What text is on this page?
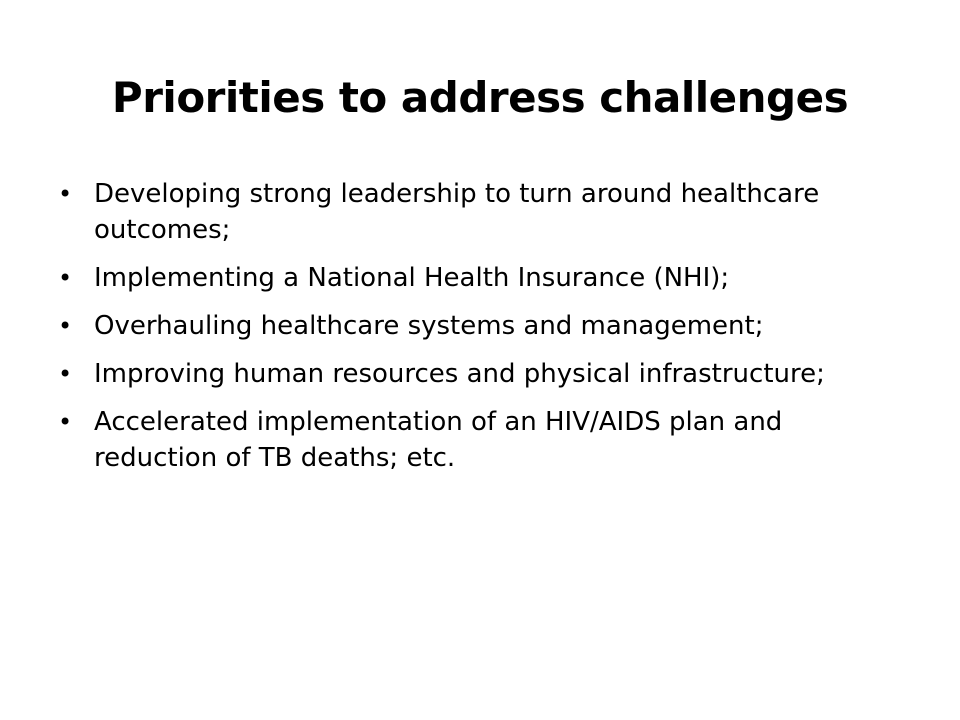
Priorities to address challenges
• Developing strong leadership to turn around healthcare outcomes;
• Implementing a National Health Insurance (NHI);
• Overhauling healthcare systems and management;
• Improving human resources and physical infrastructure;
• Accelerated implementation of an HIV/AIDS plan and reduction of TB deaths; etc.
